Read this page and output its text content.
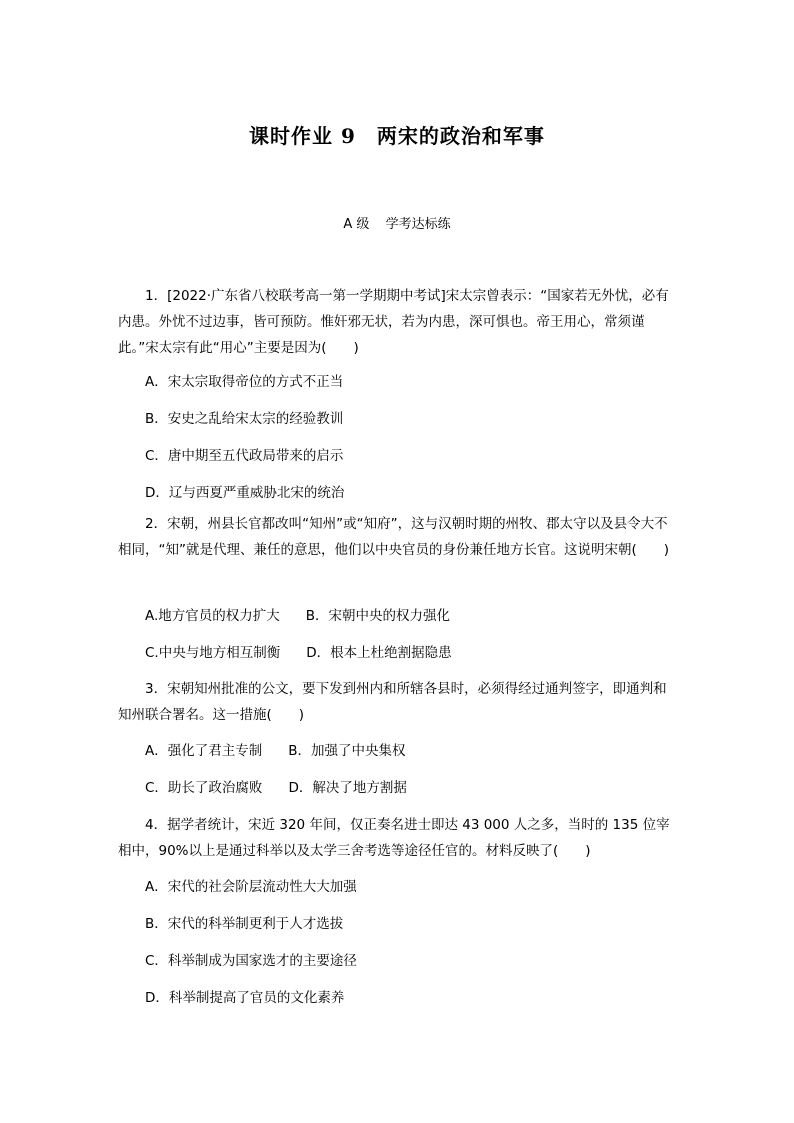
课时作业 9　两宋的政治和军事
A 级 学考达标练
1．[2022·广东省八校联考高一第一学期期中考试]宋太宗曾表示：“国家若无外忧，必有内患。外忧不过边事，皆可预防。惟奸邪无状，若为内患，深可惧也。帝王用心，常须谨此。”宋太宗有此“用心”主要是因为(　　)
A．宋太宗取得帝位的方式不正当
B．安史之乱给宋太宗的经验教训
C．唐中期至五代政局带来的启示
D．辽与西夏严重威胁北宋的统治
2．宋朝，州县长官都改叫“知州”或“知府”，这与汉朝时期的州牧、郡太守以及县令大不相同，“知”就是代理、兼任的意思，他们以中央官员的身份兼任地方长官。这说明宋朝(　　)
A.地方官员的权力扩大 B．宋朝中央的权力强化
C.中央与地方相互制衡 D．根本上杜绝割据隐患
3．宋朝知州批准的公文，要下发到州内和所辖各县时，必须得经过通判签字，即通判和知州联合署名。这一措施(　　)
A．强化了君主专制 B．加强了中央集权
C．助长了政治腐败 D．解决了地方割据
4．据学者统计，宋近 320 年间，仅正奏名进士即达 43 000 人之多，当时的 135 位宰相中，90%以上是通过科举以及太学三舍考选等途径任官的。材料反映了(　　)
A．宋代的社会阶层流动性大大加强
B．宋代的科举制更利于人才选拔
C．科举制成为国家选才的主要途径
D．科举制提高了官员的文化素养
